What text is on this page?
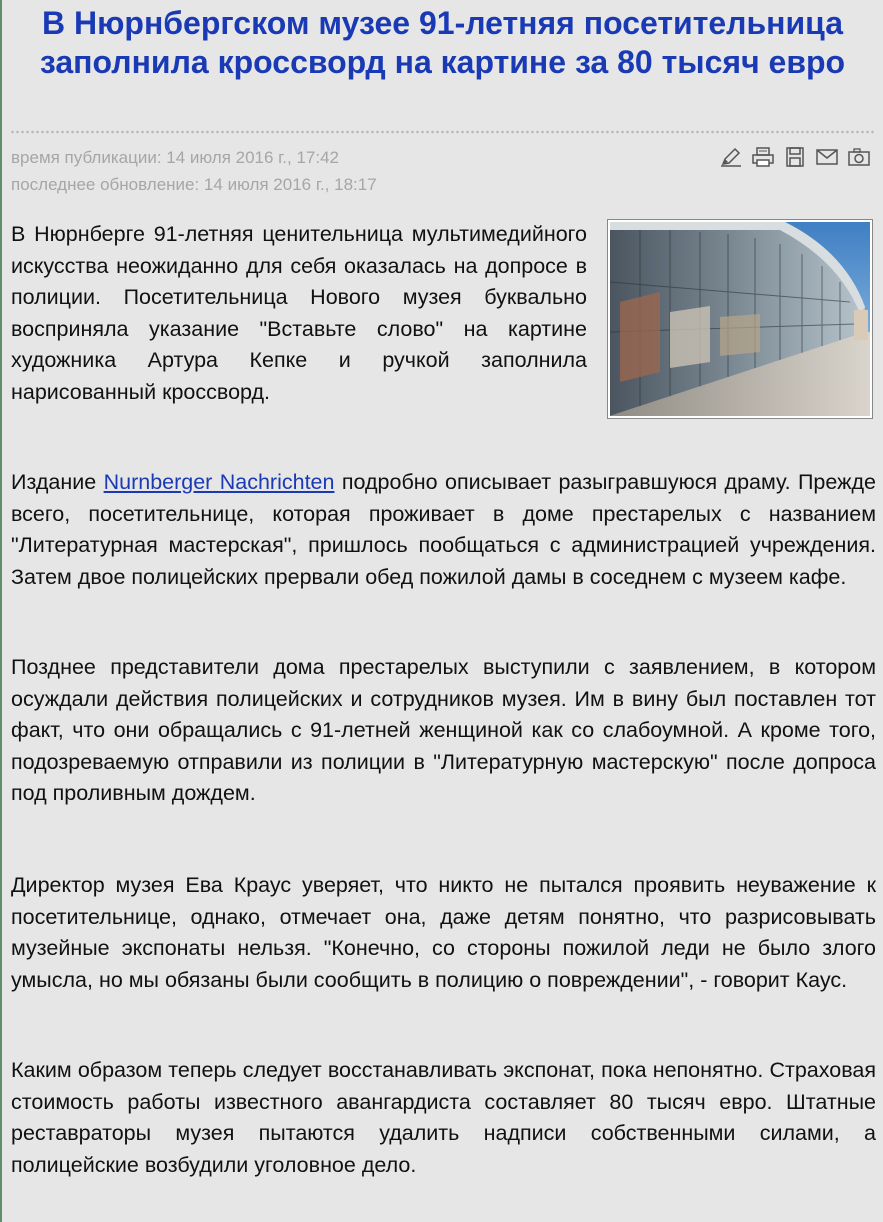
В Нюрнбергском музее 91-летняя посетительница заполнила кроссворд на картине за 80 тысяч евро
время публикации: 14 июля 2016 г., 17:42
последнее обновление: 14 июля 2016 г., 18:17
В Нюрнберге 91-летняя ценительница мультимедийного искусства неожиданно для себя оказалась на допросе в полиции. Посетительница Нового музея буквально восприняла указание "Вставьте слово" на картине художника Артура Кепке и ручкой заполнила нарисованный кроссворд.
Издание Nurnberger Nachrichten подробно описывает разыгравшуюся драму. Прежде всего, посетительнице, которая проживает в доме престарелых с названием "Литературная мастерская", пришлось пообщаться с администрацией учреждения. Затем двое полицейских прервали обед пожилой дамы в соседнем с музеем кафе.
Позднее представители дома престарелых выступили с заявлением, в котором осуждали действия полицейских и сотрудников музея. Им в вину был поставлен тот факт, что они обращались с 91-летней женщиной как со слабоумной. А кроме того, подозреваемую отправили из полиции в "Литературную мастерскую" после допроса под проливным дождем.
Директор музея Ева Краус уверяет, что никто не пытался проявить неуважение к посетительнице, однако, отмечает она, даже детям понятно, что разрисовывать музейные экспонаты нельзя. "Конечно, со стороны пожилой леди не было злого умысла, но мы обязаны были сообщить в полицию о повреждении", - говорит Каус.
Каким образом теперь следует восстанавливать экспонат, пока непонятно. Страховая стоимость работы известного авангардиста составляет 80 тысяч евро. Штатные реставраторы музея пытаются удалить надписи собственными силами, а полицейские возбудили уголовное дело.
